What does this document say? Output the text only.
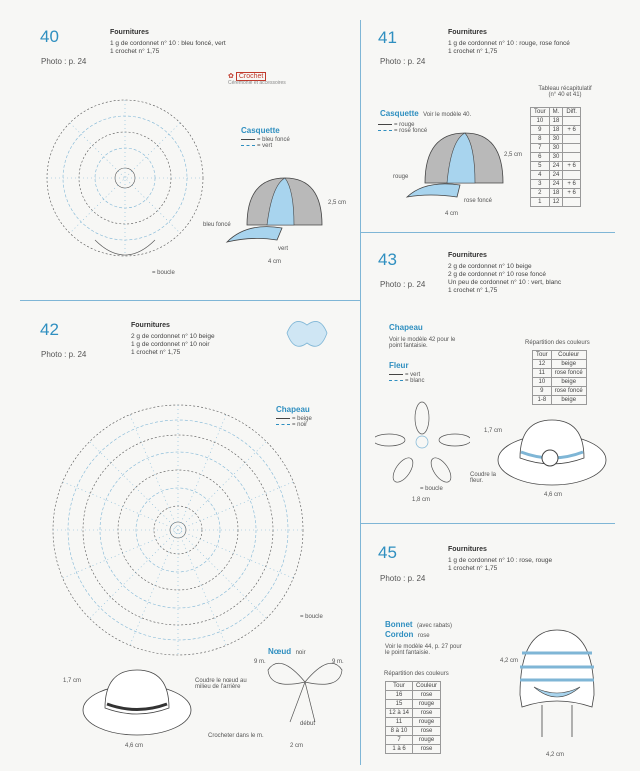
40
Photo : p. 24
Fournitures
1 g de cordonnet n° 10 : bleu foncé, vert
1 crochet n° 1,75
✿ Crochet
Cérémonie et accessoires
= boucle
Casquette
= bleu foncé
= vert
bleu foncé
vert
2,5 cm
4 cm
41
Photo : p. 24
Fournitures
1 g de cordonnet n° 10 : rouge, rose foncé
1 crochet n° 1,75
Casquette Voir le modèle 40.
= rouge
= rose foncé
rouge
rose foncé
2,5 cm
4 cm
Tableau récapitulatif (n° 40 et 41)
Tour	M.	Diff.
10	18	
9	18	+ 6
8	30	
7	30	
6	30	
5	24	+ 6
4	24	
3	24	+ 6
2	18	+ 6
1	12	
42
Photo : p. 24
Fournitures
2 g de cordonnet n° 10 beige
1 g de cordonnet n° 10 noir
1 crochet n° 1,75
Chapeau
= beige
= noir
= boucle
Nœud noir
9 m.	9 m.
début
1,7 cm	Coudre le nœud au milieu de l'arrière
4,6 cm
Crocheter dans le m.
2 cm
43
Photo : p. 24
Fournitures
2 g de cordonnet n° 10 beige
2 g de cordonnet n° 10 rose foncé
Un peu de cordonnet n° 10 : vert, blanc
1 crochet n° 1,75
Chapeau
Voir le modèle 42 pour le point fantaisie.
Fleur
= vert
= blanc
= boucle
1,8 cm
1,7 cm
Coudre la fleur.
4,6 cm
Répartition des couleurs
Tour	Couleur
12	beige
11	rose foncé
10	beige
9	rose foncé
1-8	beige
45
Photo : p. 24
Fournitures
1 g de cordonnet n° 10 : rose, rouge
1 crochet n° 1,75
Bonnet (avec rabats)
Cordon rose
Voir le modèle 44, p. 27 pour le point fantaisie.
Répartition des couleurs
Tour	Couleur
16	rose
15	rouge
12 à 14	rose
11	rouge
8 à 10	rose
7	rouge
1 à 6	rose
4,2 cm
4,2 cm
